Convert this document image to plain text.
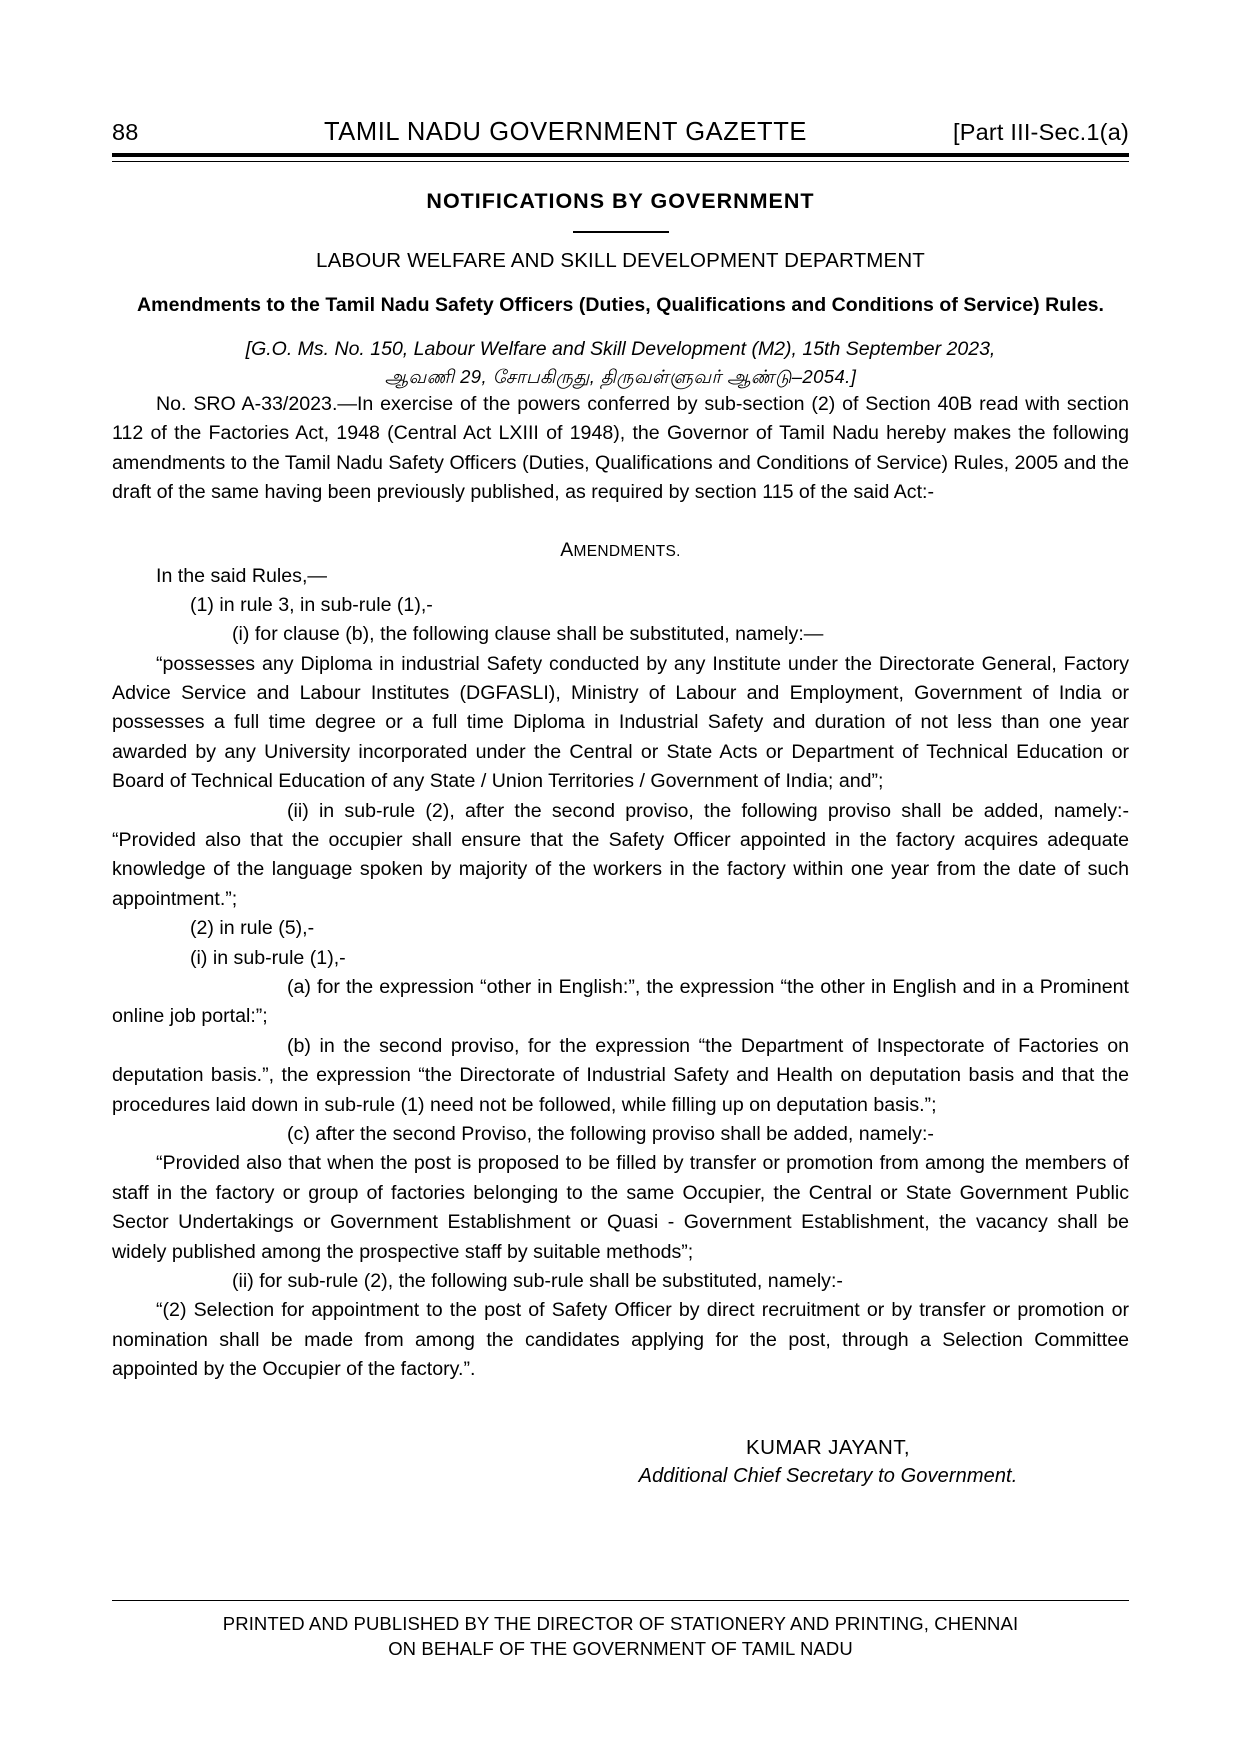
88	TAMIL NADU GOVERNMENT GAZETTE	[Part III-Sec.1(a)
NOTIFICATIONS BY GOVERNMENT
LABOUR WELFARE AND SKILL DEVELOPMENT DEPARTMENT
Amendments to the Tamil Nadu Safety Officers (Duties, Qualifications and Conditions of Service) Rules.
[G.O. Ms. No. 150, Labour Welfare and Skill Development (M2), 15th September 2023,
ஆவணி 29, சோபகிருது, திருவள்ளுவர் ஆண்டு–2054.]

No. SRO A-33/2023.—In exercise of the powers conferred by sub-section (2) of Section 40B read with section 112 of the Factories Act, 1948 (Central Act LXIII of 1948), the Governor of Tamil Nadu hereby makes the following amendments to the Tamil Nadu Safety Officers (Duties, Qualifications and Conditions of Service) Rules, 2005 and the draft of the same having been previously published, as required by section 115 of the said Act:-

AMENDMENTS.

In the said Rules,—

(1) in rule 3, in sub-rule (1),-

(i) for clause (b), the following clause shall be substituted, namely:—

“possesses any Diploma in industrial Safety conducted by any Institute under the Directorate General, Factory Advice Service and Labour Institutes (DGFASLI), Ministry of Labour and Employment, Government of India or possesses a full time degree or a full time Diploma in Industrial Safety and duration of not less than one year awarded by any University incorporated under the Central or State Acts or Department of Technical Education or Board of Technical Education of any State / Union Territories / Government of India; and”;

(ii) in sub-rule (2), after the second proviso, the following proviso shall be added, namely:- “Provided also that the occupier shall ensure that the Safety Officer appointed in the factory acquires adequate knowledge of the language spoken by majority of the workers in the factory within one year from the date of such appointment.”;

(2) in rule (5),-

(i) in sub-rule (1),-

(a) for the expression “other in English:”, the expression “the other in English and in a Prominent online job portal:”;

(b) in the second proviso, for the expression “the Department of Inspectorate of Factories on deputation basis.”, the expression “the Directorate of Industrial Safety and Health on deputation basis and that the procedures laid down in sub-rule (1) need not be followed, while filling up on deputation basis.”;

(c) after the second Proviso, the following proviso shall be added, namely:-

“Provided also that when the post is proposed to be filled by transfer or promotion from among the members of staff in the factory or group of factories belonging to the same Occupier, the Central or State Government Public Sector Undertakings or Government Establishment or Quasi - Government Establishment, the vacancy shall be widely published among the prospective staff by suitable methods”;

(ii) for sub-rule (2), the following sub-rule shall be substituted, namely:-

“(2) Selection for appointment to the post of Safety Officer by direct recruitment or by transfer or promotion or nomination shall be made from among the candidates applying for the post, through a Selection Committee appointed by the Occupier of the factory.”.

KUMAR JAYANT,
Additional Chief Secretary to Government.
PRINTED AND PUBLISHED BY THE DIRECTOR OF STATIONERY AND PRINTING, CHENNAI
ON BEHALF OF THE GOVERNMENT OF TAMIL NADU
